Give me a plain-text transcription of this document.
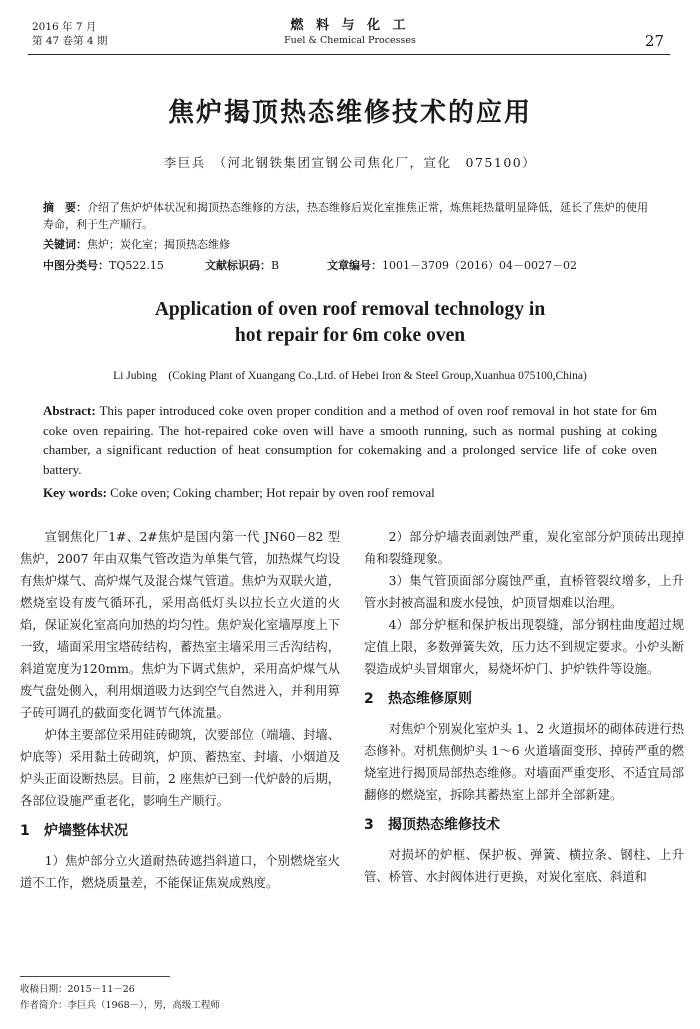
2016 年 7 月
第 47 卷第 4 期
燃 料 与 化 工
Fuel & Chemical Processes	27
焦炉揭顶热态维修技术的应用
李巨兵　（河北钢铁集团宣钢公司焦化厂，宣化　075100）
摘　要：介绍了焦炉炉体状况和揭顶热态维修的方法，热态维修后炭化室推焦正常，炼焦耗热量明显降低，延长了焦炉的使用寿命，利于生产顺行。
关键词：焦炉；炭化室；揭顶热态维修
中图分类号：TQ522.15	文献标识码：B	文章编号：1001－3709（2016）04－0027－02
Application of oven roof removal technology in
hot repair for 6m coke oven
Li Jubing　(Coking Plant of Xuangang Co.,Ltd. of Hebei Iron & Steel Group,Xuanhua 075100,China)
Abstract: This paper introduced coke oven proper condition and a method of oven roof removal in hot state for 6m coke oven repairing. The hot-repaired coke oven will have a smooth running, such as normal pushing at coking chamber, a significant reduction of heat consumption for cokemaking and a prolonged service life of coke oven battery.
Key words: Coke oven; Coking chamber; Hot repair by oven roof removal

宣钢焦化厂1#、2#焦炉是国内第一代 JN60－82 型焦炉，2007 年由双集气管改造为单集气管，加热煤气均设有焦炉煤气、高炉煤气及混合煤气管道。焦炉为双联火道，燃烧室设有废气循环孔，采用高低灯头以拉长立火道的火焰，保证炭化室高向加热的均匀性。焦炉炭化室墙厚度上下一致，墙面采用宝塔砖结构，蓄热室主墙采用三舌沟结构，斜道宽度为120mm。焦炉为下调式焦炉，采用高炉煤气从废气盘处侧入，利用烟道吸力达到空气自然进入，并利用箅子砖可调孔的截面变化调节气体流量。

炉体主要部位采用硅砖砌筑，次要部位（端墙、封墙、炉底等）采用黏土砖砌筑，炉顶、蓄热室、封墙、小烟道及炉头正面设断热层。目前，2 座焦炉已到一代炉龄的后期，各部位设施严重老化，影响生产顺行。

1 炉墙整体状况

1）焦炉部分立火道耐热砖遮挡斜道口，个别燃烧室火道不工作，燃烧质量差，不能保证焦炭成熟度。

2）部分炉墙表面剥蚀严重，炭化室部分炉顶砖出现掉角和裂缝现象。

3）集气管顶面部分腐蚀严重，直桥管裂纹增多，上升管水封被高温和废水侵蚀，炉顶冒烟难以治理。

4）部分炉框和保护板出现裂缝，部分钢柱曲度超过规定值上限，多数弹簧失效，压力达不到规定要求。小炉头断裂造成炉头冒烟窜火，易烧坏炉门、护炉铁件等设施。

2 热态维修原则

对焦炉个别炭化室炉头 1、2 火道损坏的砌体砖进行热态修补。对机焦侧炉头 1～6 火道墙面变形、掉砖严重的燃烧室进行揭顶局部热态维修。对墙面严重变形、不适宜局部翻修的燃烧室，拆除其蓄热室上部并全部新建。

3 揭顶热态维修技术

对损坏的炉框、保护板、弹簧、横拉条、钢柱、上升管、桥管、水封阀体进行更换，对炭化室底、斜道和

收稿日期：2015－11－26
作者简介：李巨兵（1968－），男，高级工程师
